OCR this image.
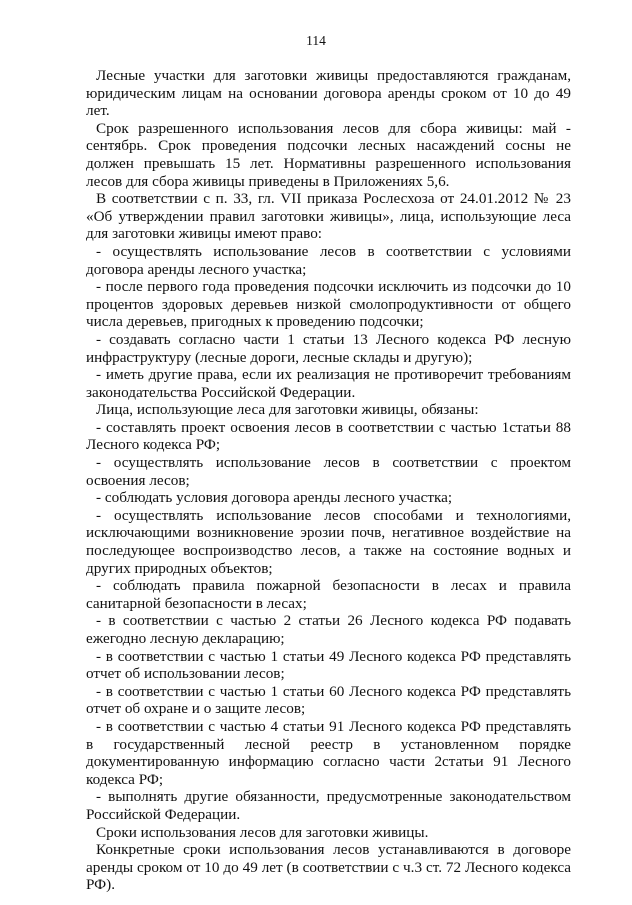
114

Лесные участки для заготовки живицы предоставляются гражданам, юридическим лицам на основании договора аренды сроком от 10 до 49 лет.

Срок разрешенного использования лесов для сбора живицы: май - сентябрь. Срок проведения подсочки лесных насаждений сосны не должен превышать 15 лет. Нормативны разрешенного использования лесов для сбора живицы приведены в Приложениях 5,6.

В соответствии с п. 33, гл. VII приказа Рослесхоза от 24.01.2012 № 23 «Об утверждении правил заготовки живицы», лица, использующие леса для заготовки живицы имеют право:

- осуществлять использование лесов в соответствии с условиями договора аренды лесного участка;

- после первого года проведения подсочки исключить из подсочки до 10 процентов здоровых деревьев низкой смолопродуктивности от общего числа деревьев, пригодных к проведению подсочки;

- создавать согласно части 1 статьи 13 Лесного кодекса РФ лесную инфраструктуру (лесные дороги, лесные склады и другую);

- иметь другие права, если их реализация не противоречит требованиям законодательства Российской Федерации.

Лица, использующие леса для заготовки живицы, обязаны:

- составлять проект освоения лесов в соответствии с частью 1статьи 88 Лесного кодекса РФ;

- осуществлять использование лесов в соответствии с проектом освоения лесов;

- соблюдать условия договора аренды лесного участка;

- осуществлять использование лесов способами и технологиями, исключающими возникновение эрозии почв, негативное воздействие на последующее воспроизводство лесов, а также на состояние водных и других природных объектов;

- соблюдать правила пожарной безопасности в лесах и правила санитарной безопасности в лесах;

- в соответствии с частью 2 статьи 26 Лесного кодекса РФ подавать ежегодно лесную декларацию;

- в соответствии с частью 1 статьи 49 Лесного кодекса РФ представлять отчет об использовании лесов;

- в соответствии с частью 1 статьи 60 Лесного кодекса РФ представлять отчет об охране и о защите лесов;

- в соответствии с частью 4 статьи 91 Лесного кодекса РФ представлять в государственный лесной реестр в установленном порядке документированную информацию согласно части 2статьи 91 Лесного кодекса РФ;

- выполнять другие обязанности, предусмотренные законодательством Российской Федерации.

Сроки использования лесов для заготовки живицы.

Конкретные сроки использования лесов устанавливаются в договоре аренды сроком от 10 до 49 лет (в соответствии с ч.3 ст. 72 Лесного кодекса РФ).
